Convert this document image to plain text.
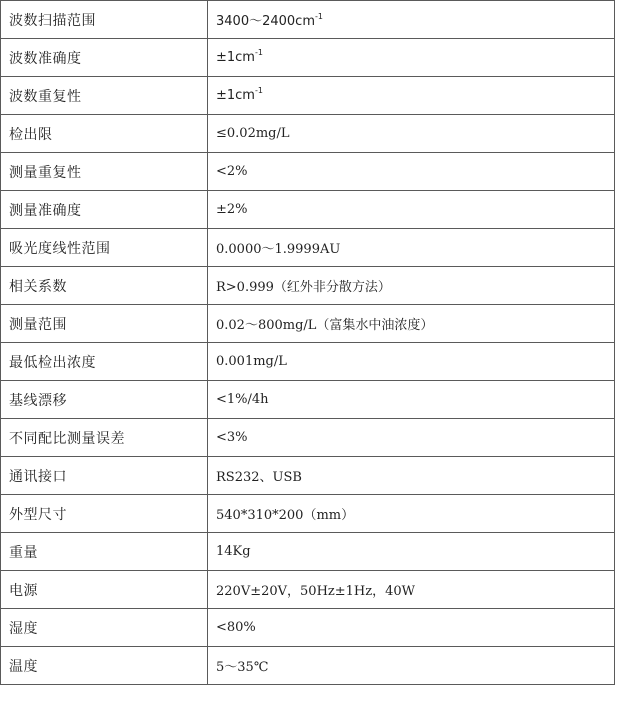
波数扫描范围	$3400\sim 2400cm^{-1}$
波数准确度	$\pm 1cm^{-1}$
波数重复性	$\pm 1cm^{-1}$
检出限	≤0.02mg/L
测量重复性	<2%
测量准确度	±2%
吸光度线性范围	0.0000～1.9999AU
相关系数	R>0.999（红外非分散方法）
测量范围	0.02～800mg/L（富集水中油浓度）
最低检出浓度	0.001mg/L
基线漂移	<1%/4h
不同配比测量误差	<3%
通讯接口	RS232、USB
外型尺寸	540*310*200（mm）
重量	14Kg
电源	220V±20V，50Hz±1Hz，40W
湿度	<80%
温度	5～35℃
